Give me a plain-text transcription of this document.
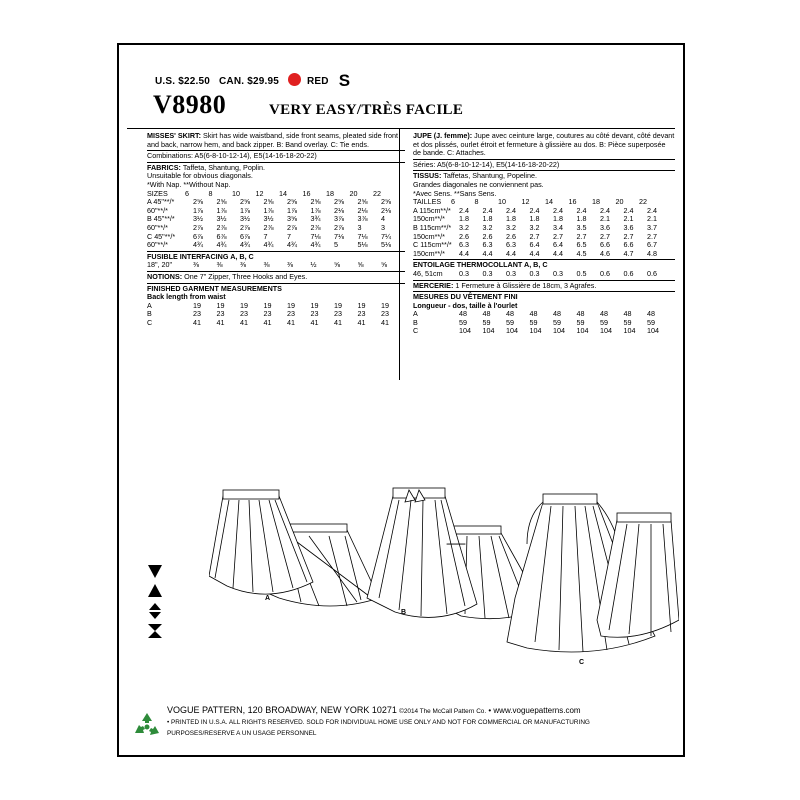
U.S. $22.50 CAN. $29.95	RED S
V8980	VERY EASY/TRÈS FACILE

MISSES' SKIRT: Skirt has wide waistband, side front seams, pleated side front and back, narrow hem, and back zipper. B: Band overlay. C: Tie ends.

Combinations: A5(6-8-10-12-14), E5(14-16-18-20-22)

FABRICS: Taffeta, Shantung, Poplin.

Unsuitable for obvious diagonals.

*With Nap. **Without Nap.

SIZES	6	8	10	12	14	16	18	20	22
A 45"**/*	2⅝	2⅝	2⅝	2⅝	2⅝	2⅝	2⅝	2⅝	2⅝
60"**/*	1⅞	1⅞	1⅞	1⅞	1⅞	1⅞	2⅛	2⅛	2⅛
B 45"**/*	3½	3½	3½	3½	3⅝	3¾	3⅞	3⅞	4
60"**/*	2⅞	2⅞	2⅞	2⅞	2⅞	2⅞	2⅞	3	3
C 45"**/*	6⅞	6⅞	6⅞	7	7	7⅛	7⅛	7⅛	7¼
60"**/*	4¾	4¾	4¾	4¾	4¾	4¾	5	5⅛	5⅛

FUSIBLE INTERFACING A, B, C

18", 20"	⅜	⅜	⅜	⅜	⅜	½	⅝	⅝	⅝

NOTIONS: One 7" Zipper, Three Hooks and Eyes.

FINISHED GARMENT MEASUREMENTS

Back length from waist

A	19	19	19	19	19	19	19	19	19
B	23	23	23	23	23	23	23	23	23
C	41	41	41	41	41	41	41	41	41

JUPE (J. femme): Jupe avec ceinture large, coutures au côté devant, côté devant et dos plissés, ourlet étroit et fermeture à glissière au dos. B: Pièce superposée de bande. C: Attaches.

Séries: A5(6-8-10-12-14), E5(14-16-18-20-22)

TISSUS: Taffetas, Shantung, Popeline.

Grandes diagonales ne conviennent pas.

*Avec Sens. **Sans Sens.

TAILLES	6	8	10	12	14	16	18	20	22
A 115cm**/*	2.4	2.4	2.4	2.4	2.4	2.4	2.4	2.4	2.4
150cm**/*	1.8	1.8	1.8	1.8	1.8	1.8	2.1	2.1	2.1
B 115cm**/*	3.2	3.2	3.2	3.2	3.4	3.5	3.6	3.6	3.7
150cm**/*	2.6	2.6	2.6	2.7	2.7	2.7	2.7	2.7	2.7
C 115cm**/*	6.3	6.3	6.3	6.4	6.4	6.5	6.6	6.6	6.7
150cm**/*	4.4	4.4	4.4	4.4	4.4	4.5	4.6	4.7	4.8

ENTOILAGE THERMOCOLLANT A, B, C

46, 51cm	0.3	0.3	0.3	0.3	0.3	0.5	0.6	0.6	0.6

MERCERIE: 1 Fermeture à Glissière de 18cm, 3 Agrafes.

MESURES DU VÊTEMENT FINI

Longueur - dos, taille à l'ourlet

A	48	48	48	48	48	48	48	48	48
B	59	59	59	59	59	59	59	59	59
C	104	104	104	104	104	104	104	104	104
A
B
C
VOGUE PATTERN, 120 BROADWAY, NEW YORK 10271 ©2014 The McCall Pattern Co. • www.voguepatterns.com
• PRINTED IN U.S.A. ALL RIGHTS RESERVED. SOLD FOR INDIVIDUAL HOME USE ONLY AND NOT FOR COMMERCIAL OR MANUFACTURING
PURPOSES/RESERVE A UN USAGE PERSONNEL
